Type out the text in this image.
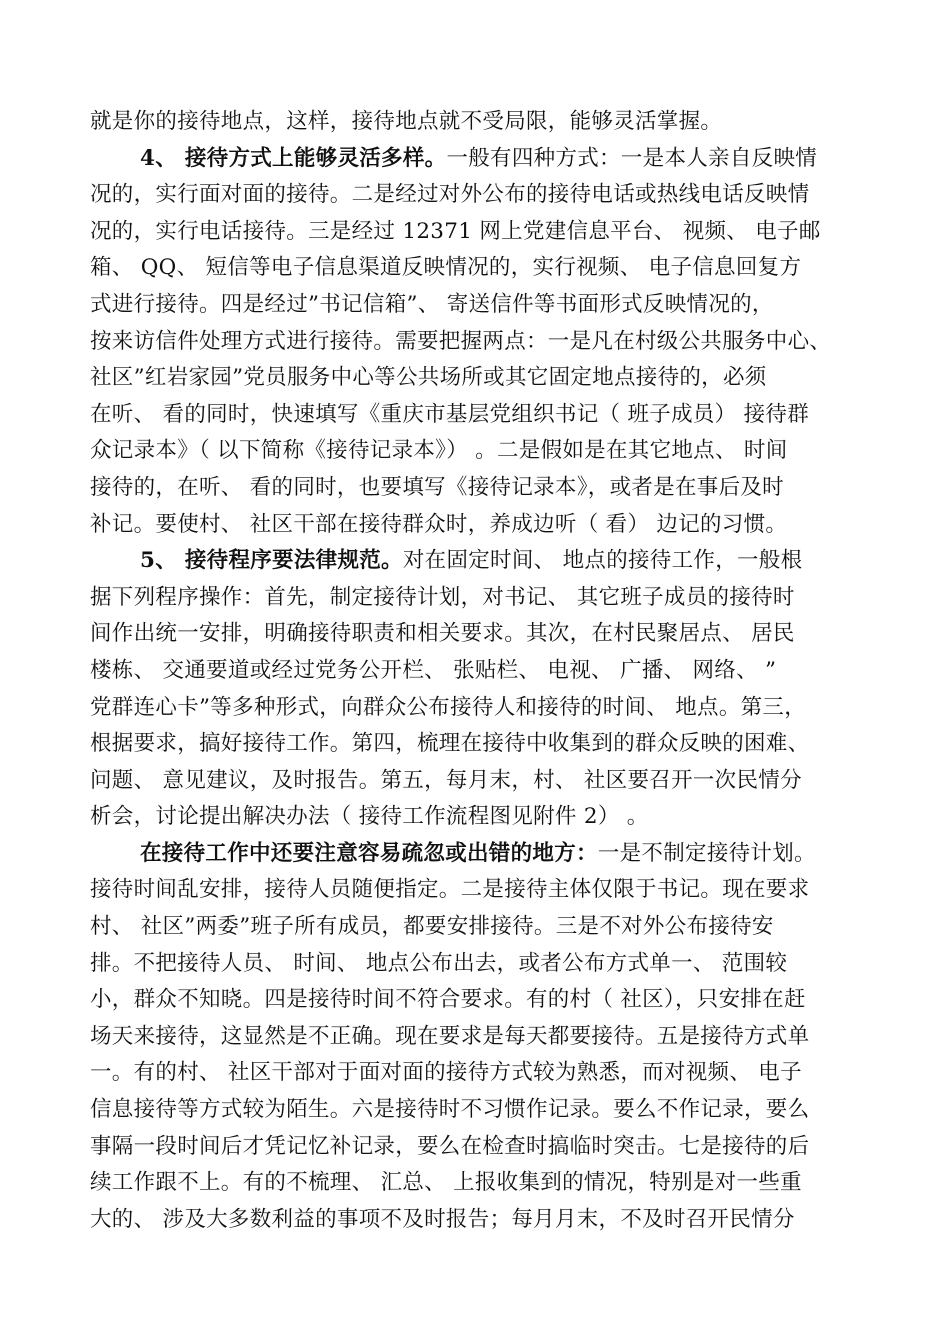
就是你的接待地点，这样，接待地点就不受局限，能够灵活掌握。
4、 接待方式上能够灵活多样。一般有四种方式：一是本人亲自反映情
况的，实行面对面的接待。二是经过对外公布的接待电话或热线电话反映情
况的，实行电话接待。三是经过 12371 网上党建信息平台、 视频、 电子邮
箱、 QQ、 短信等电子信息渠道反映情况的，实行视频、 电子信息回复方
式进行接待。四是经过”书记信箱”、 寄送信件等书面形式反映情况的，
按来访信件处理方式进行接待。需要把握两点：一是凡在村级公共服务中心、
社区”红岩家园”党员服务中心等公共场所或其它固定地点接待的，必须
在听、 看的同时，快速填写《重庆市基层党组织书记（ 班子成员） 接待群
众记录本》（ 以下简称《接待记录本》） 。二是假如是在其它地点、 时间
接待的，在听、 看的同时，也要填写《接待记录本》，或者是在事后及时
补记。要使村、 社区干部在接待群众时，养成边听（ 看） 边记的习惯。
5、 接待程序要法律规范。对在固定时间、 地点的接待工作，一般根
据下列程序操作：首先，制定接待计划，对书记、 其它班子成员的接待时
间作出统一安排，明确接待职责和相关要求。其次，在村民聚居点、 居民
楼栋、 交通要道或经过党务公开栏、 张贴栏、 电视、 广播、 网络、 ”
党群连心卡”等多种形式，向群众公布接待人和接待的时间、 地点。第三，
根据要求，搞好接待工作。第四，梳理在接待中收集到的群众反映的困难、
问题、 意见建议，及时报告。第五，每月末，村、 社区要召开一次民情分
析会，讨论提出解决办法（ 接待工作流程图见附件 2） 。
在接待工作中还要注意容易疏忽或出错的地方：一是不制定接待计划。
接待时间乱安排，接待人员随便指定。二是接待主体仅限于书记。现在要求
村、 社区”两委”班子所有成员，都要安排接待。三是不对外公布接待安
排。不把接待人员、 时间、 地点公布出去，或者公布方式单一、 范围较
小，群众不知晓。四是接待时间不符合要求。有的村（ 社区），只安排在赶
场天来接待，这显然是不正确。现在要求是每天都要接待。五是接待方式单
一。有的村、 社区干部对于面对面的接待方式较为熟悉，而对视频、 电子
信息接待等方式较为陌生。六是接待时不习惯作记录。要么不作记录，要么
事隔一段时间后才凭记忆补记录，要么在检查时搞临时突击。七是接待的后
续工作跟不上。有的不梳理、 汇总、 上报收集到的情况，特别是对一些重
大的、 涉及大多数利益的事项不及时报告；每月月末，不及时召开民情分
